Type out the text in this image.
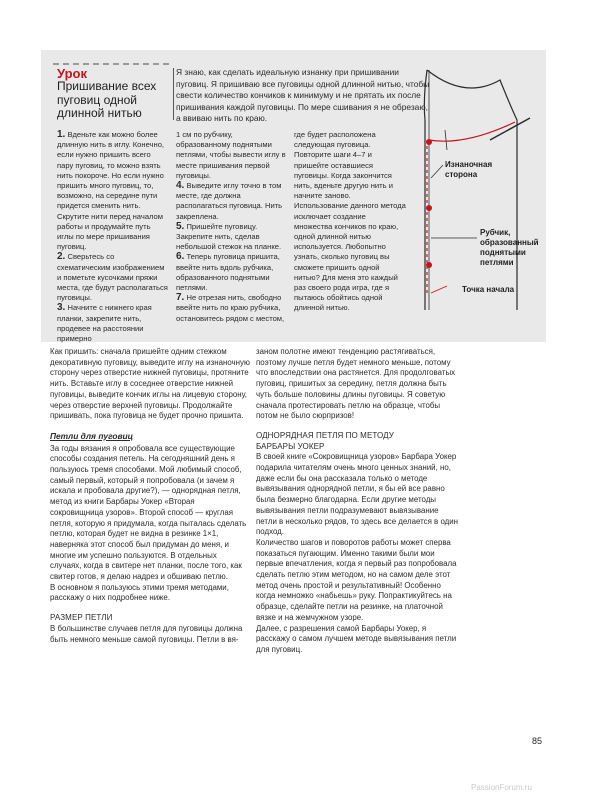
Урок
Пришивание всех пуговиц одной длинной нитью
Я знаю, как сделать идеальную изнанку при пришивании пуговиц. Я пришиваю все пуговицы одной длинной нитью, чтобы свести количество кончиков к минимуму и не прятать их после пришивания каждой пуговицы. По мере сшивания я не обрезаю, а ввиваю нить по краю.

1. Вденьте как можно более длинную нить в иглу. Конечно, если нужно пришить всего пару пуговиц, то можно взять нить покороче. Но если нужно пришить много пуговиц, то, возможно, на середине пути придется сменить нить. Скрутите нити перед началом работы и продумайте путь иглы по мере пришивания пуговиц.

2. Сверьтесь со схематическим изображением и пометьте кусочками пряжи места, где будут располагаться пуговицы.

3. Начните с нижнего края планки, закрепите нить, продевее на расстоянии примерно

1 см по рубчику, образованному поднятыми петлями, чтобы вывести иглу в месте пришивания первой пуговицы.

4. Выведите иглу точно в том месте, где должна располагаться пуговица. Нить закреплена.

5. Пришейте пуговицу. Закрепите нить, сделав небольшой стежок на планке.

6. Теперь пуговица пришита, ввейте нить вдоль рубчика, образованного поднятыми петлями.

7. Не отрезая нить, свободно ввейте нить по краю рубчика, остановитесь рядом с местом,

где будет расположена следующая пуговица. Повторите шаги 4–7 и пришейте оставшиеся пуговицы. Когда закончится нить, вденьте другую нить и начните заново. Использование данного метода исключает создание множества кончиков по краю, одной длинной нитью используется. Любопытно узнать, сколько пуговиц вы сможете пришить одной нитью? Для меня это каждый раз своего рода игра, где я пытаюсь обойтись одной длинной нитью.

Изнаночная сторона
Рубчик, образованный поднятыми петлями
Точка начала

Как пришить: сначала пришейте одним стежком декоративную пуговицу, выведите иглу на изнаночную сторону через отверстие нижней пуговицы, протяните нить. Вставьте иглу в соседнее отверстие нижней пуговицы, выведите кончик иглы на лицевую сторону, через отверстие верхней пуговицы. Продолжайте пришивать, пока пуговица не будет прочно пришита.

Петли для пуговиц

За годы вязания я опробовала все существующие способы создания петель. На сегодняшний день я пользуюсь тремя способами. Мой любимый способ, самый первый, который я попробовала (и зачем я искала и пробовала другие?), — однорядная петля, метод из книги Барбары Уокер «Вторая сокровищница узоров». Второй способ — круглая петля, которую я придумала, когда пыталась сделать петлю, которая будет не видна в резинке 1×1, наверняка этот способ был придуман до меня, и многие им успешно пользуются. В отдельных случаях, когда в свитере нет планки, после того, как свитер готов, я делаю надрез и обшиваю петлю.

В основном я пользуюсь этими тремя методами, расскажу о них подробнее ниже.

РАЗМЕР ПЕТЛИ

В большинстве случаев петля для пуговицы должна быть немного меньше самой пуговицы. Петли в вя-

заном полотне имеют тенденцию растягиваться, поэтому лучше петля будет немного меньше, потому что впоследствии она растянется. Для продолговатых пуговиц, пришитых за середину, петля должна быть чуть больше половины длины пуговицы. Я советую сначала протестировать петлю на образце, чтобы потом не было сюрпризов!

ОДНОРЯДНАЯ ПЕТЛЯ ПО МЕТОДУ

БАРБАРЫ УОКЕР

В своей книге «Сокровищница узоров» Барбара Уокер подарила читателям очень много ценных знаний, но, даже если бы она рассказала только о методе вывязывания однорядной петли, я бы ей все равно была безмерно благодарна. Если другие методы вывязывания петли подразумевают вывязывание петли в несколько рядов, то здесь все делается в один подход.

Количество шагов и поворотов работы может сперва показаться пугающим. Именно такими были мои первые впечатления, когда я первый раз попробовала сделать петлю этим методом, но на самом деле этот метод очень простой и результативный! Особенно когда немножко «набьешь» руку. Попрактикуйтесь на образце, сделайте петли на резинке, на платочной вязке и на жемчужном узоре.

Далее, с разрешения самой Барбары Уокер, я расскажу о самом лучшем методе вывязывания петли для пуговиц.

85
PassionForum.ru
